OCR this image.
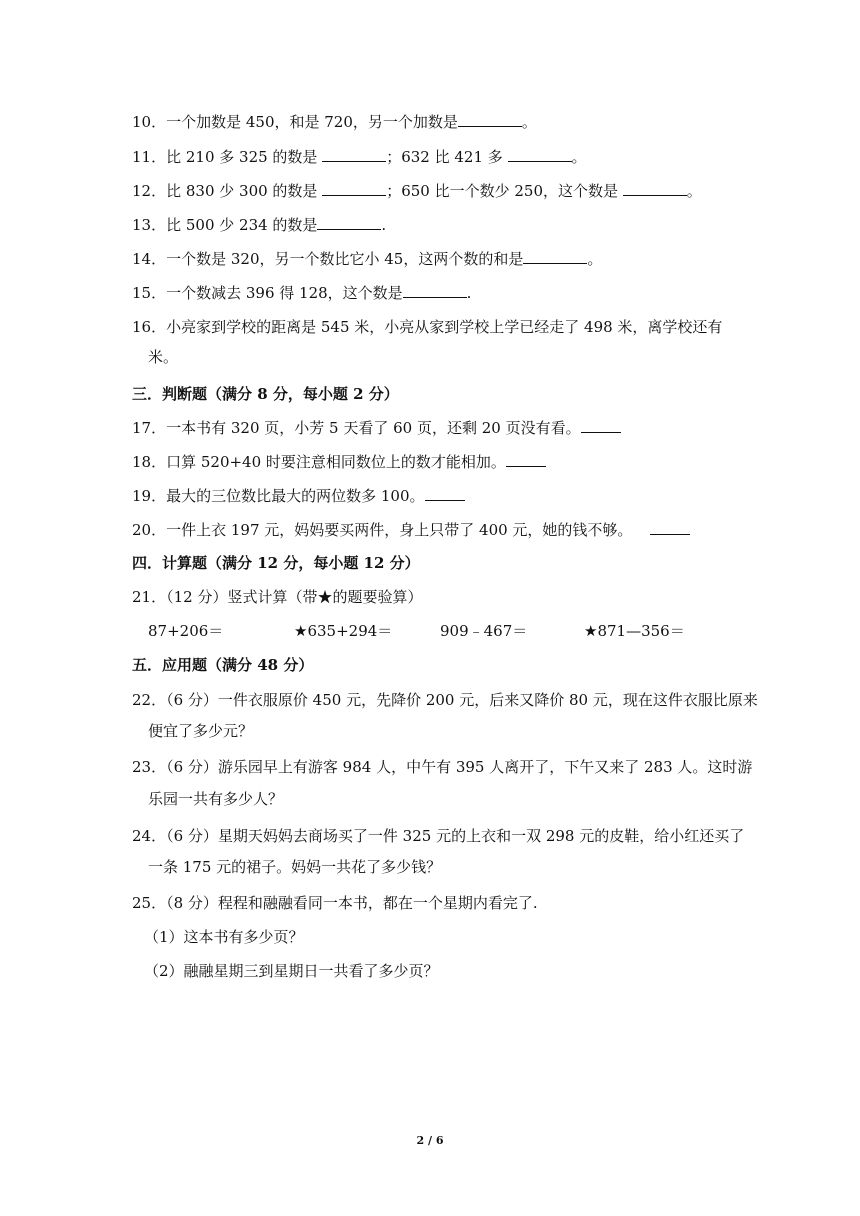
10．一个加数是 450，和是 720，另一个加数是	。
11．比 210 多 325 的数是	；632 比 421 多	。
12．比 830 少 300 的数是	；650 比一个数少 250，这个数是	。
13．比 500 少 234 的数是	.
14．一个数是 320，另一个数比它小 45，这两个数的和是	。
15．一个数减去 396 得 128，这个数是	.
16．小亮家到学校的距离是 545 米，小亮从家到学校上学已经走了 498 米，离学校还有
米。
三．判断题（满分 8 分，每小题 2 分）
17．一本书有 320 页，小芳 5 天看了 60 页，还剩 20 页没有看。
18．口算 520+40 时要注意相同数位上的数才能相加。
19．最大的三位数比最大的两位数多 100。
20．一件上衣 197 元，妈妈要买两件，身上只带了 400 元，她的钱不够。
四．计算题（满分 12 分，每小题 12 分）
21．（12 分）竖式计算（带★的题要验算）
87+206＝	★635+294＝	909﹣467＝	★871—356＝
五．应用题（满分 48 分）
22．（6 分）一件衣服原价 450 元，先降价 200 元，后来又降价 80 元，现在这件衣服比原来
便宜了多少元？
23．（6 分）游乐园早上有游客 984 人，中午有 395 人离开了，下午又来了 283 人。这时游
乐园一共有多少人？
24．（6 分）星期天妈妈去商场买了一件 325 元的上衣和一双 298 元的皮鞋，给小红还买了
一条 175 元的裙子。妈妈一共花了多少钱？
25．（8 分）程程和融融看同一本书，都在一个星期内看完了.
（1）这本书有多少页？
（2）融融星期三到星期日一共看了多少页？
2 / 6
